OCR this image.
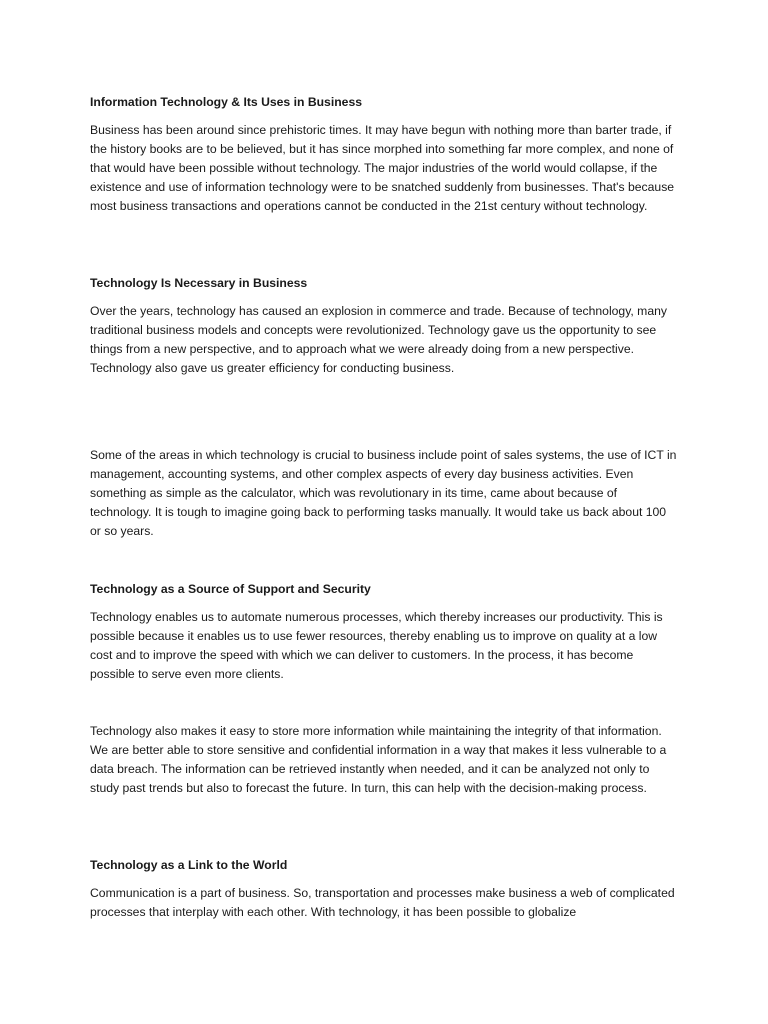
Information Technology & Its Uses in Business

Business has been around since prehistoric times. It may have begun with nothing more than barter trade, if the history books are to be believed, but it has since morphed into something far more complex, and none of that would have been possible without technology. The major industries of the world would collapse, if the existence and use of information technology were to be snatched suddenly from businesses. That's because most business transactions and operations cannot be conducted in the 21st century without technology.

Technology Is Necessary in Business

Over the years, technology has caused an explosion in commerce and trade. Because of technology, many traditional business models and concepts were revolutionized. Technology gave us the opportunity to see things from a new perspective, and to approach what we were already doing from a new perspective. Technology also gave us greater efficiency for conducting business.

Some of the areas in which technology is crucial to business include point of sales systems, the use of ICT in management, accounting systems, and other complex aspects of every day business activities. Even something as simple as the calculator, which was revolutionary in its time, came about because of technology. It is tough to imagine going back to performing tasks manually. It would take us back about 100 or so years.

Technology as a Source of Support and Security

Technology enables us to automate numerous processes, which thereby increases our productivity. This is possible because it enables us to use fewer resources, thereby enabling us to improve on quality at a low cost and to improve the speed with which we can deliver to customers. In the process, it has become possible to serve even more clients.

Technology also makes it easy to store more information while maintaining the integrity of that information. We are better able to store sensitive and confidential information in a way that makes it less vulnerable to a data breach. The information can be retrieved instantly when needed, and it can be analyzed not only to study past trends but also to forecast the future. In turn, this can help with the decision-making process.

Technology as a Link to the World

Communication is a part of business. So, transportation and processes make business a web of complicated processes that interplay with each other. With technology, it has been possible to globalize
